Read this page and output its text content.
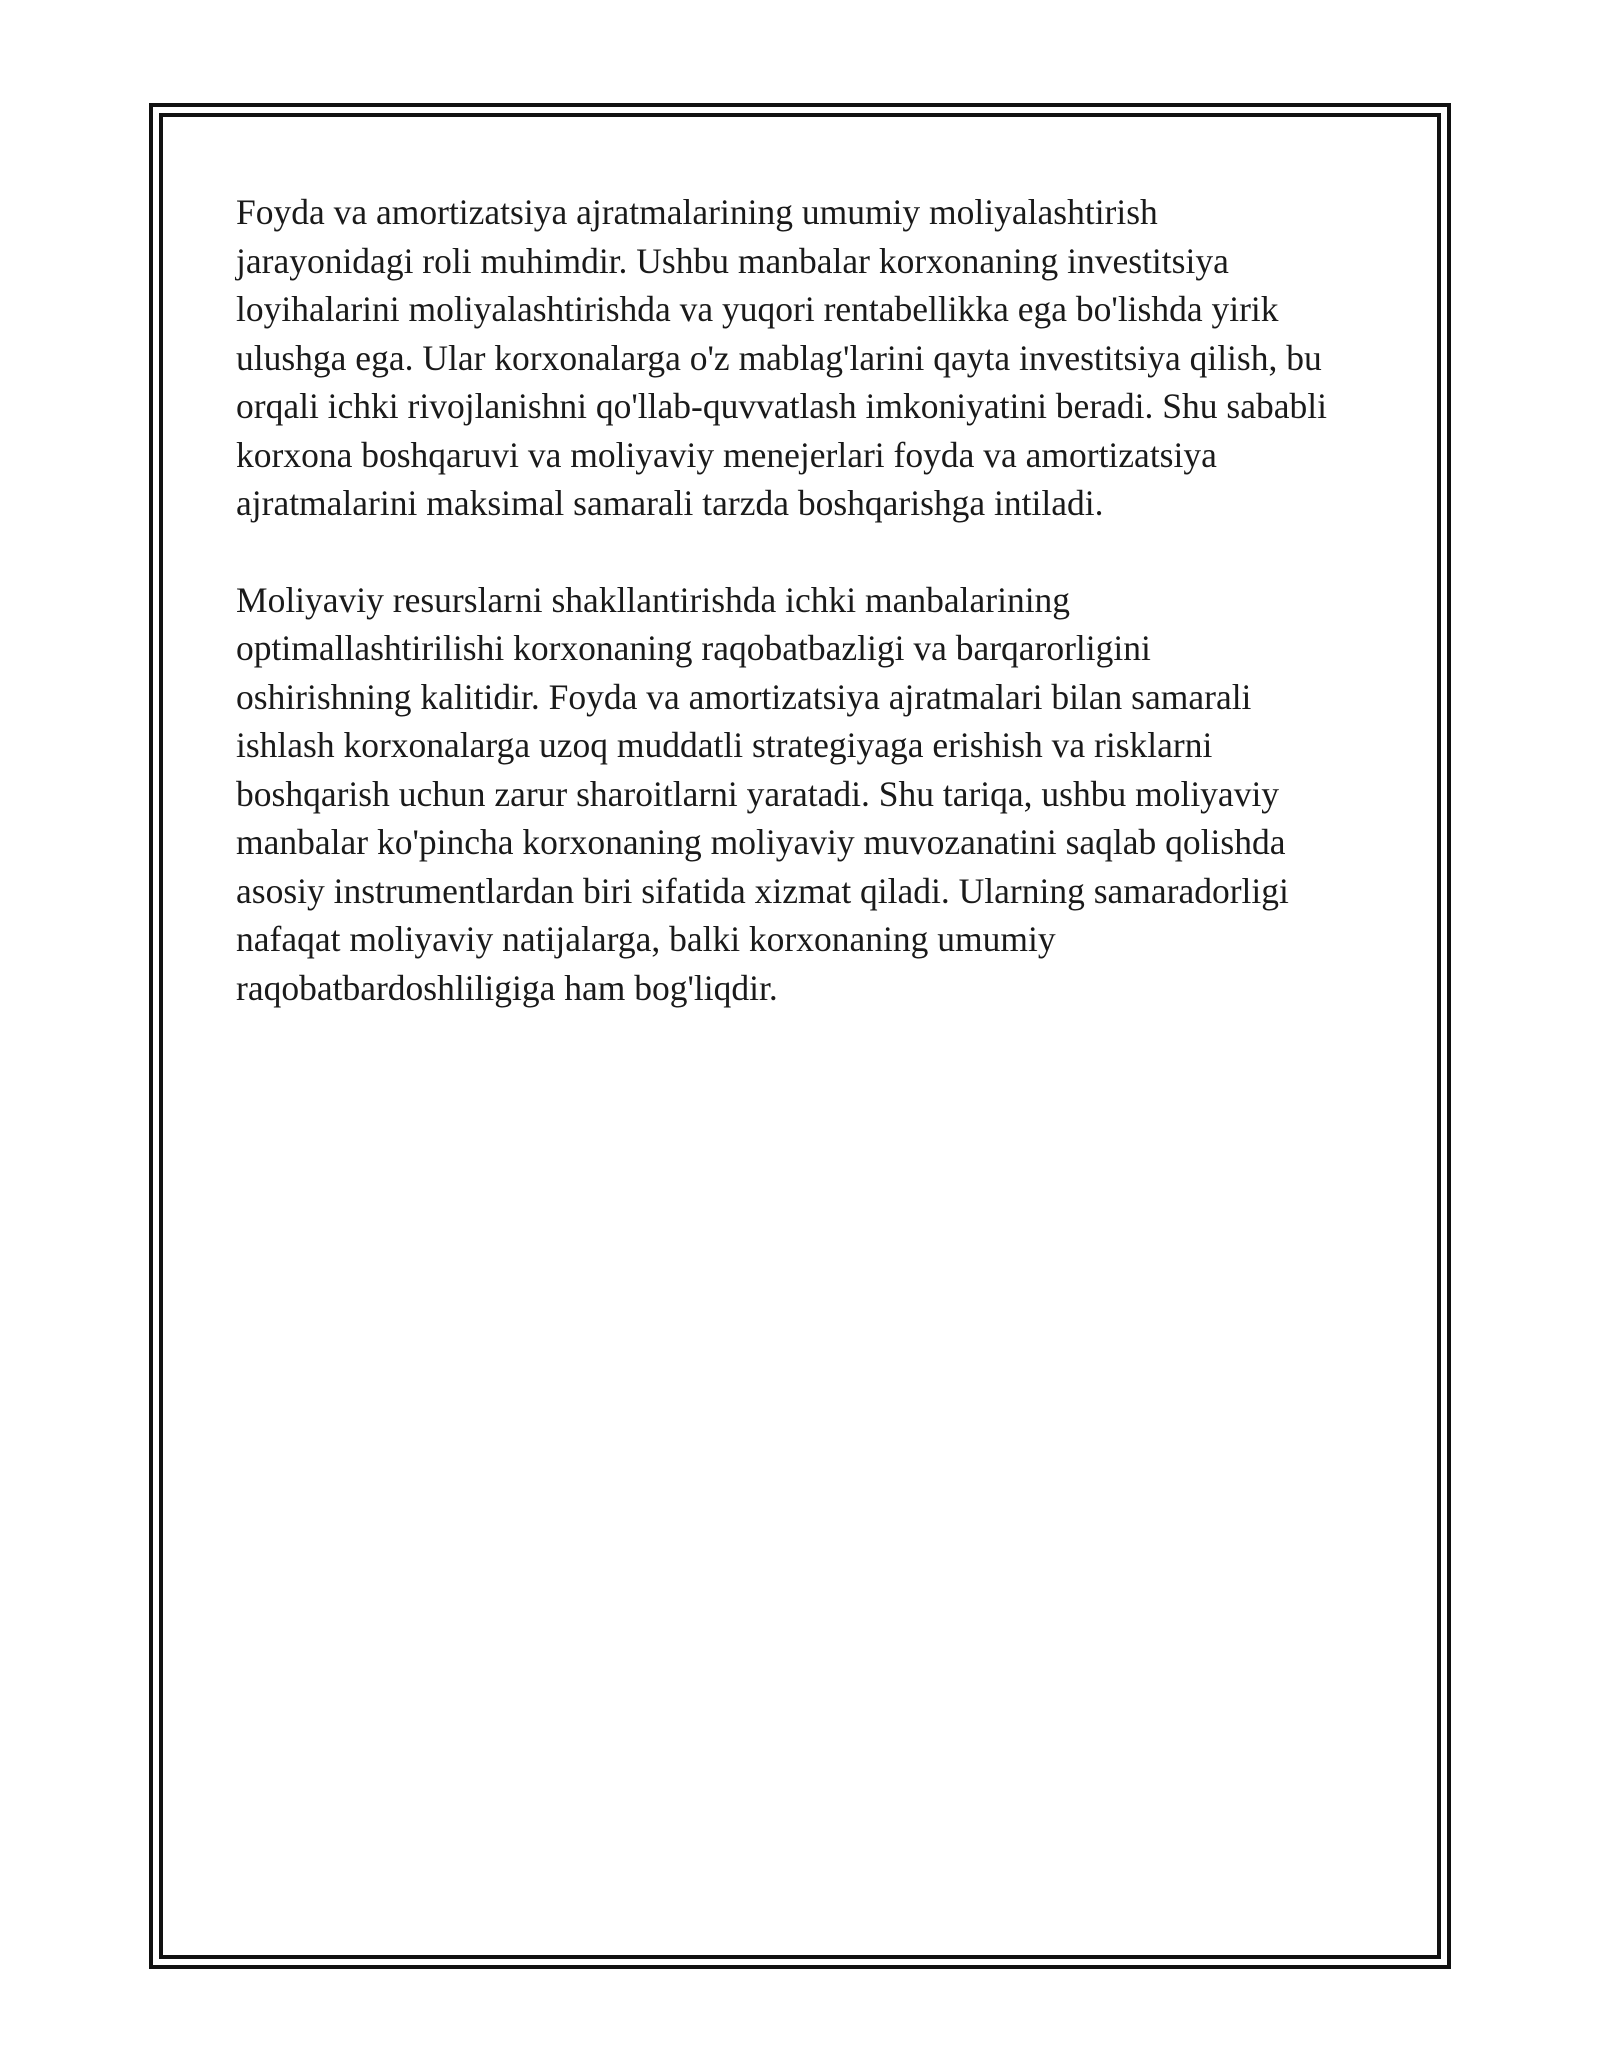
Foyda va amortizatsiya ajratmalarining umumiy moliyalashtirish
jarayonidagi roli muhimdir. Ushbu manbalar korxonaning investitsiya
loyihalarini moliyalashtirishda va yuqori rentabellikka ega bo'lishda yirik
ulushga ega. Ular korxonalarga o'z mablag'larini qayta investitsiya qilish, bu
orqali ichki rivojlanishni qo'llab-quvvatlash imkoniyatini beradi. Shu sababli
korxona boshqaruvi va moliyaviy menejerlari foyda va amortizatsiya
ajratmalarini maksimal samarali tarzda boshqarishga intiladi.

Moliyaviy resurslarni shakllantirishda ichki manbalarining
optimallashtirilishi korxonaning raqobatbazligi va barqarorligini
oshirishning kalitidir. Foyda va amortizatsiya ajratmalari bilan samarali
ishlash korxonalarga uzoq muddatli strategiyaga erishish va risklarni
boshqarish uchun zarur sharoitlarni yaratadi. Shu tariqa, ushbu moliyaviy
manbalar ko'pincha korxonaning moliyaviy muvozanatini saqlab qolishda
asosiy instrumentlardan biri sifatida xizmat qiladi. Ularning samaradorligi
nafaqat moliyaviy natijalarga, balki korxonaning umumiy
raqobatbardoshliligiga ham bog'liqdir.
